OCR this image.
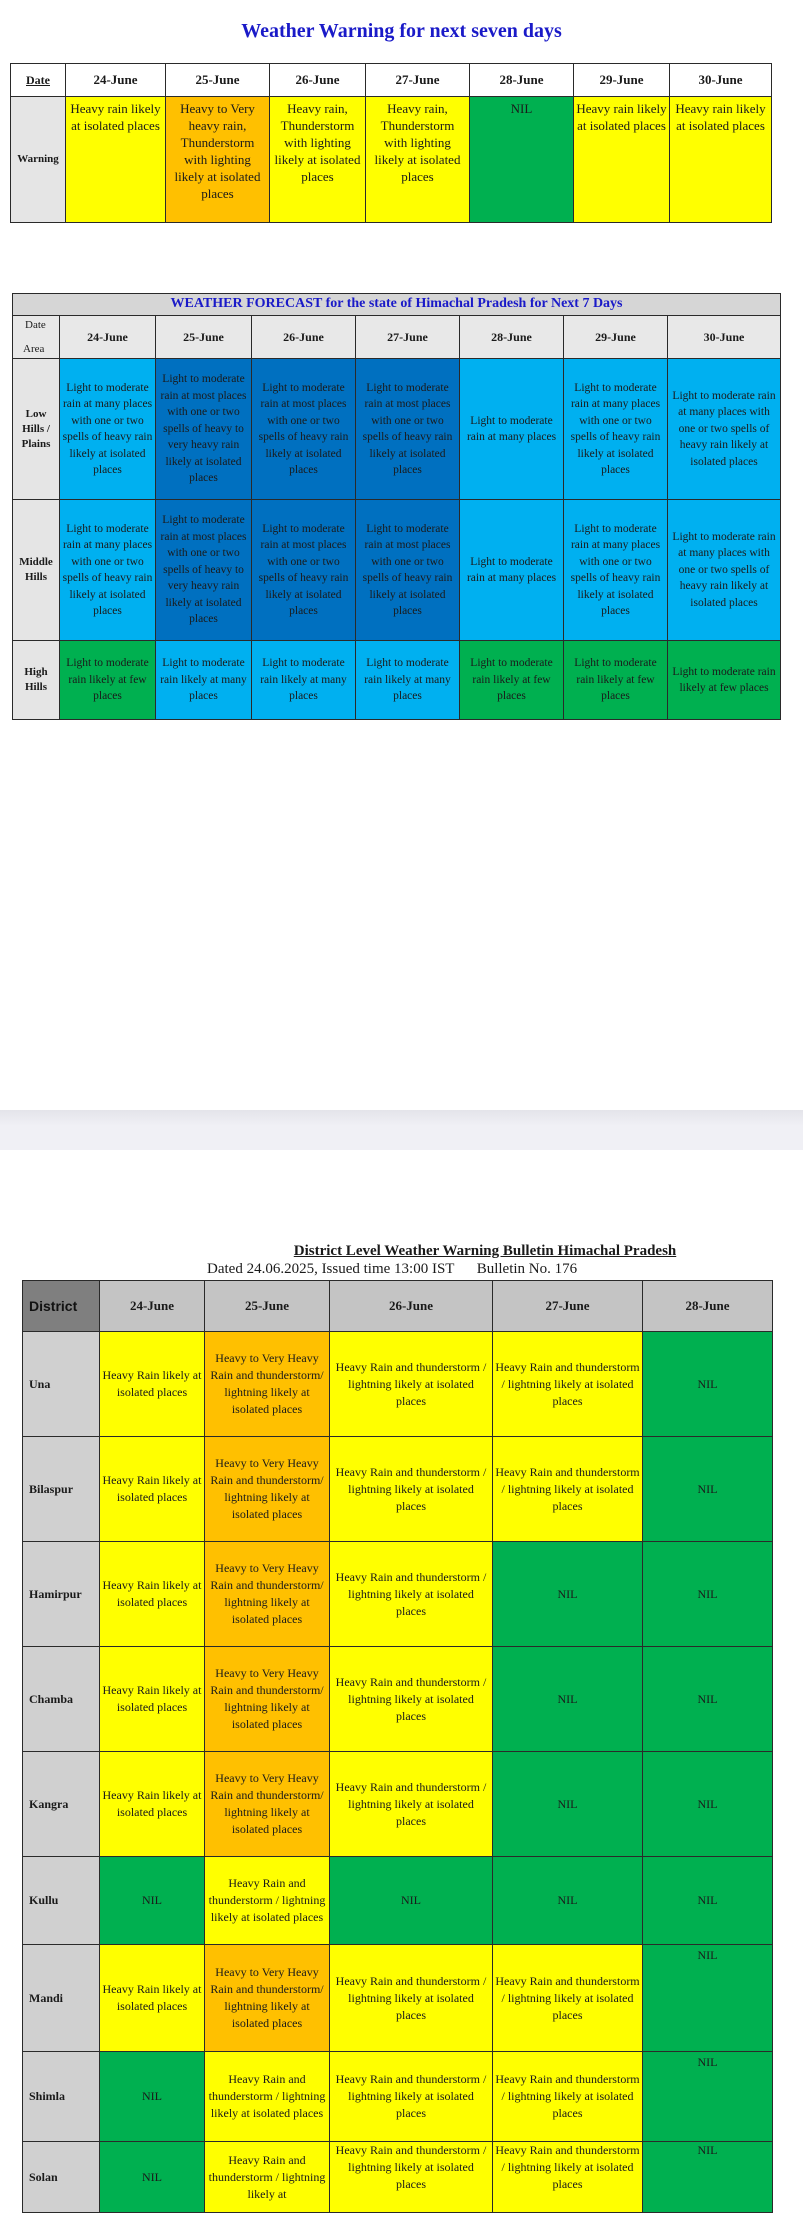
Weather Warning for next seven days
Date	24-June	25-June	26-June	27-June	28-June	29-June	30-June
Warning	Heavy rain likely at isolated places	Heavy to Very heavy rain, Thunderstorm with lighting likely at isolated places	Heavy rain, Thunderstorm with lighting likely at isolated places	Heavy rain, Thunderstorm with lighting likely at isolated places	NIL	Heavy rain likely at isolated places	Heavy rain likely at isolated places
WEATHER FORECAST for the state of Himachal Pradesh for Next 7 Days							

Date
Area	24-June	25-June	26-June	27-June	28-June	29-June	30-June
Low Hills / Plains	Light to moderate rain at many places with one or two spells of heavy rain likely at isolated places	Light to moderate rain at most places with one or two spells of heavy to very heavy rain likely at isolated places	Light to moderate rain at most places with one or two spells of heavy rain likely at isolated places	Light to moderate rain at most places with one or two spells of heavy rain likely at isolated places	Light to moderate rain at many places	Light to moderate rain at many places with one or two spells of heavy rain likely at isolated places	Light to moderate rain at many places with one or two spells of heavy rain likely at isolated places
Middle Hills	Light to moderate rain at many places with one or two spells of heavy rain likely at isolated places	Light to moderate rain at most places with one or two spells of heavy to very heavy rain likely at isolated places	Light to moderate rain at most places with one or two spells of heavy rain likely at isolated places	Light to moderate rain at most places with one or two spells of heavy rain likely at isolated places	Light to moderate rain at many places	Light to moderate rain at many places with one or two spells of heavy rain likely at isolated places	Light to moderate rain at many places with one or two spells of heavy rain likely at isolated places
High Hills	Light to moderate rain likely at few places	Light to moderate rain likely at many places	Light to moderate rain likely at many places	Light to moderate rain likely at many places	Light to moderate rain likely at few places	Light to moderate rain likely at few places	Light to moderate rain likely at few places
District Level Weather Warning Bulletin Himachal Pradesh
Dated 24.06.2025, Issued time 13:00 IST Bulletin No. 176
District	24-June	25-June	26-June	27-June	28-June
Una	Heavy Rain likely at isolated places	Heavy to Very Heavy Rain and thunderstorm/ lightning likely at isolated places	Heavy Rain and thunderstorm / lightning likely at isolated places	Heavy Rain and thunderstorm / lightning likely at isolated places	NIL
Bilaspur	Heavy Rain likely at isolated places	Heavy to Very Heavy Rain and thunderstorm/ lightning likely at isolated places	Heavy Rain and thunderstorm / lightning likely at isolated places	Heavy Rain and thunderstorm / lightning likely at isolated places	NIL
Hamirpur	Heavy Rain likely at isolated places	Heavy to Very Heavy Rain and thunderstorm/ lightning likely at isolated places	Heavy Rain and thunderstorm / lightning likely at isolated places	NIL	NIL
Chamba	Heavy Rain likely at isolated places	Heavy to Very Heavy Rain and thunderstorm/ lightning likely at isolated places	Heavy Rain and thunderstorm / lightning likely at isolated places	NIL	NIL
Kangra	Heavy Rain likely at isolated places	Heavy to Very Heavy Rain and thunderstorm/ lightning likely at isolated places	Heavy Rain and thunderstorm / lightning likely at isolated places	NIL	NIL
Kullu	NIL	Heavy Rain and thunderstorm / lightning likely at isolated places	NIL	NIL	NIL
Mandi	Heavy Rain likely at isolated places	Heavy to Very Heavy Rain and thunderstorm/ lightning likely at isolated places	Heavy Rain and thunderstorm / lightning likely at isolated places	Heavy Rain and thunderstorm / lightning likely at isolated places	NIL
Shimla	NIL	Heavy Rain and thunderstorm / lightning likely at isolated places	Heavy Rain and thunderstorm / lightning likely at isolated places	Heavy Rain and thunderstorm / lightning likely at isolated places	NIL
Solan	NIL	Heavy Rain and thunderstorm / lightning likely at	Heavy Rain and thunderstorm / lightning likely at isolated places	Heavy Rain and thunderstorm / lightning likely at isolated places	NIL
